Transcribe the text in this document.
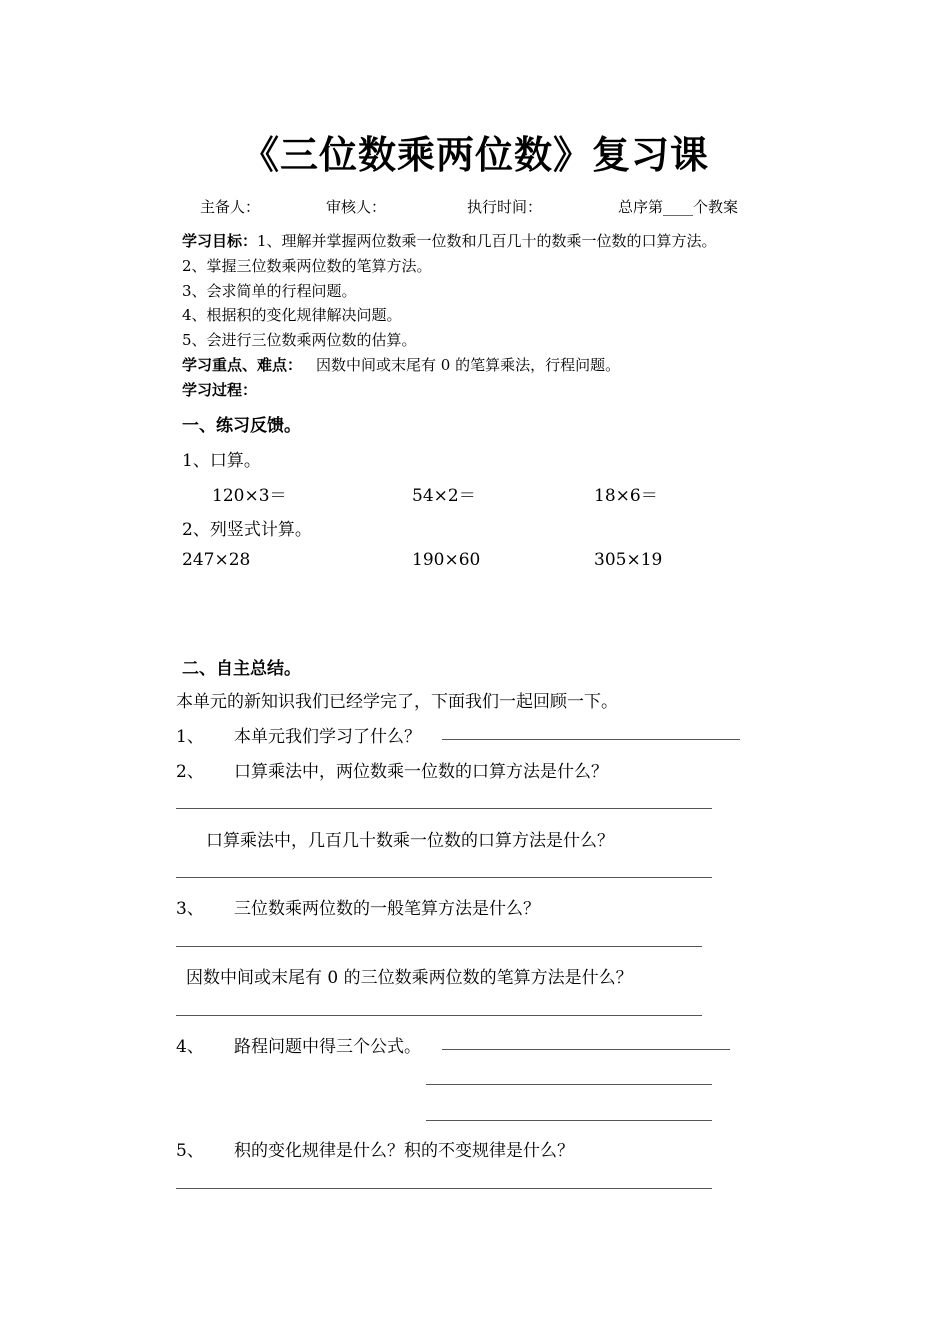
《三位数乘两位数》复习课
主备人：	审核人：	执行时间：	总序第____个教案
学习目标：1、理解并掌握两位数乘一位数和几百几十的数乘一位数的口算方法。
2、掌握三位数乘两位数的笔算方法。
3、会求简单的行程问题。
4、根据积的变化规律解决问题。
5、会进行三位数乘两位数的估算。
学习重点、难点： 因数中间或末尾有 0 的笔算乘法，行程问题。
学习过程：
一、练习反馈。
1、口算。
120×3＝	54×2＝	18×6＝
2、列竖式计算。
247×28	190×60	305×19
二、自主总结。
本单元的新知识我们已经学完了，下面我们一起回顾一下。
1、 本单元我们学习了什么？
2、 口算乘法中，两位数乘一位数的口算方法是什么？
口算乘法中，几百几十数乘一位数的口算方法是什么？
3、 三位数乘两位数的一般笔算方法是什么？
因数中间或末尾有 0 的三位数乘两位数的笔算方法是什么？
4、 路程问题中得三个公式。
5、 积的变化规律是什么？积的不变规律是什么？
